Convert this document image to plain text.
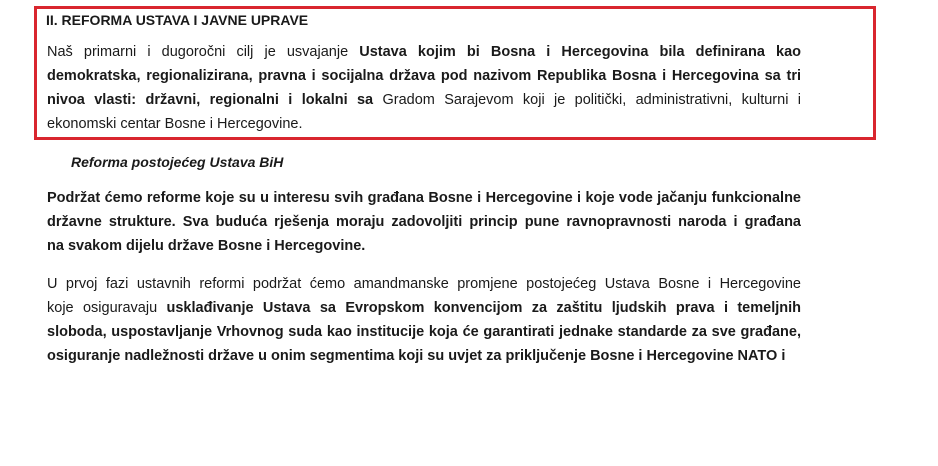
II. REFORMA USTAVA I JAVNE UPRAVE
Naš primarni i dugoročni cilj je usvajanje Ustava kojim bi Bosna i Hercegovina bila definirana kao
demokratska, regionalizirana, pravna i socijalna država pod nazivom Republika Bosna i Hercegovina sa tri
nivoa vlasti: državni, regionalni i lokalni saGradom Sarajevom koji je politički, administrativni, kulturni i
ekonomski centar Bosne i Hercegovine.
Reforma postojećeg Ustava BiH
Podržat ćemo reforme koje su u interesu svih građana Bosne i Hercegovine i koje vode jačanju funkcionalne
državne strukture. Sva buduća rješenja moraju zadovoljiti princip pune ravnopravnosti naroda i građana
na svakom dijelu države Bosne i Hercegovine.
U prvoj fazi ustavnih reformi podržat ćemo amandmanske promjene postojećeg Ustava Bosne i Hercegovine
koje osiguravaju usklađivanje Ustava sa Evropskom konvencijom za zaštitu ljudskih prava i temeljnih
sloboda, uspostavljanje Vrhovnog suda kao institucije koja će garantirati jednake standarde za sve građane,
osiguranje nadležnosti države u onim segmentima koji su uvjet za priključenje Bosne i Hercegovine NATO i
